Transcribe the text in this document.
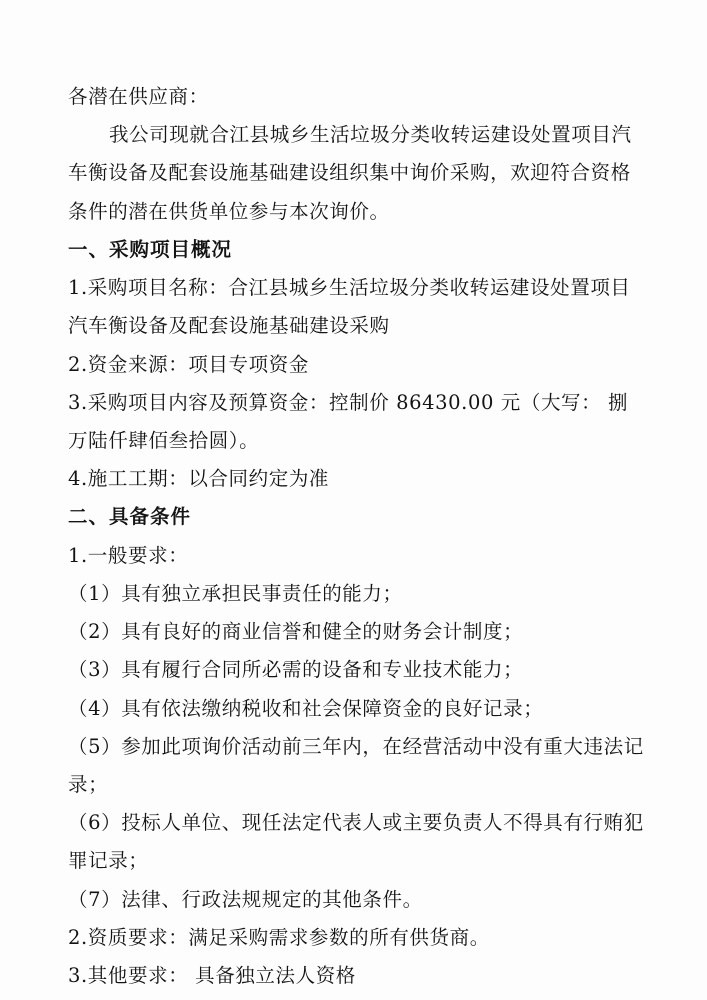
各潜在供应商：

我公司现就合江县城乡生活垃圾分类收转运建设处置项目汽车衡设备及配套设施基础建设组织集中询价采购，欢迎符合资格条件的潜在供货单位参与本次询价。

一、采购项目概况

1.采购项目名称：合江县城乡生活垃圾分类收转运建设处置项目汽车衡设备及配套设施基础建设采购

2.资金来源：项目专项资金

3.采购项目内容及预算资金：控制价 86430.00 元（大写： 捌万陆仟肆佰叁拾圆）。

4.施工工期：以合同约定为准

二、具备条件

1.一般要求：

（1）具有独立承担民事责任的能力；

（2）具有良好的商业信誉和健全的财务会计制度；

（3）具有履行合同所必需的设备和专业技术能力；

（4）具有依法缴纳税收和社会保障资金的良好记录；

（5）参加此项询价活动前三年内，在经营活动中没有重大违法记录；

（6）投标人单位、现任法定代表人或主要负责人不得具有行贿犯罪记录；

（7）法律、行政法规规定的其他条件。

2.资质要求：满足采购需求参数的所有供货商。

3.其他要求： 具备独立法人资格
